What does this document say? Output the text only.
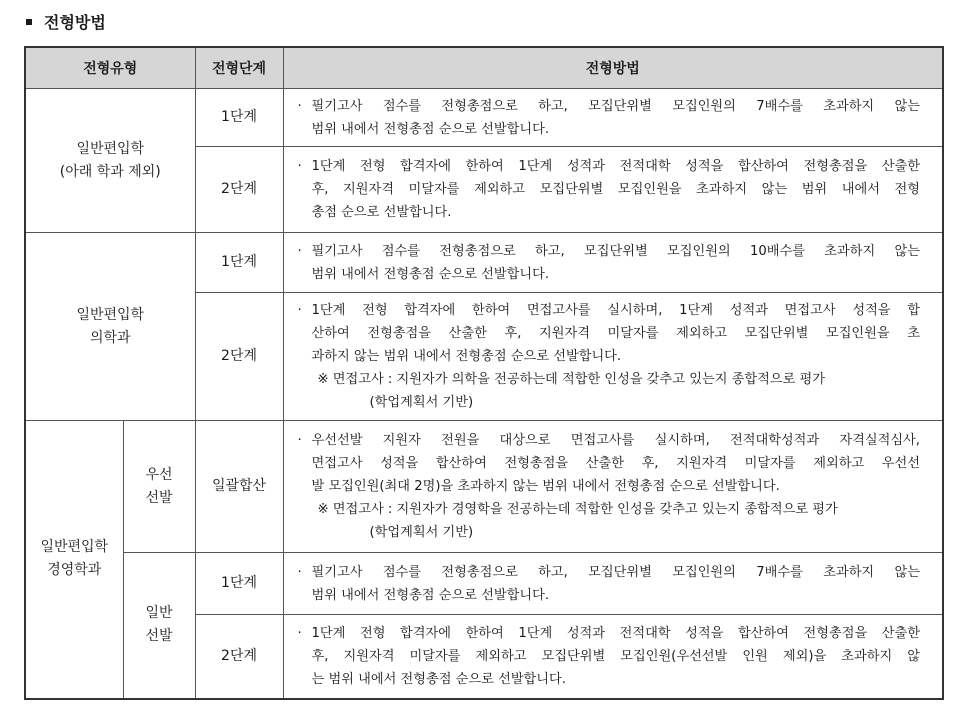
전형방법
전형유형		전형단계	전형방법

일반편입학
(아래 학과 제외)		1단계	· 필기고사 점수를 전형총점으로 하고, 모집단위별 모집인원의 7배수를 초과하지 않는
범위 내에서 전형총점 순으로 선발합니다.

		2단계	· 1단계 전형 합격자에 한하여 1단계 성적과 전적대학 성적을 합산하여 전형총점을 산출한
후, 지원자격 미달자를 제외하고 모집단위별 모집인원을 초과하지 않는 범위 내에서 전형
총점 순으로 선발합니다.

일반편입학
의학과		1단계	· 필기고사 점수를 전형총점으로 하고, 모집단위별 모집인원의 10배수를 초과하지 않는
범위 내에서 전형총점 순으로 선발합니다.

		2단계	· 1단계 전형 합격자에 한하여 면접고사를 실시하며, 1단계 성적과 면접고사 성적을 합
산하여 전형총점을 산출한 후, 지원자격 미달자를 제외하고 모집단위별 모집인원을 초
과하지 않는 범위 내에서 전형총점 순으로 선발합니다.
※ 면접고사 : 지원자가 의학을 전공하는데 적합한 인성을 갖추고 있는지 종합적으로 평가
(학업계획서 기반)

일반편입학
경영학과	우선
선발	일괄합산	· 우선선발 지원자 전원을 대상으로 면접고사를 실시하며, 전적대학성적과 자격실적심사,
면접고사 성적을 합산하여 전형총점을 산출한 후, 지원자격 미달자를 제외하고 우선선
발 모집인원(최대 2명)을 초과하지 않는 범위 내에서 전형총점 순으로 선발합니다.
※ 면접고사 : 지원자가 경영학을 전공하는데 적합한 인성을 갖추고 있는지 종합적으로 평가
(학업계획서 기반)

	일반
선발	1단계	· 필기고사 점수를 전형총점으로 하고, 모집단위별 모집인원의 7배수를 초과하지 않는
범위 내에서 전형총점 순으로 선발합니다.

		2단계	· 1단계 전형 합격자에 한하여 1단계 성적과 전적대학 성적을 합산하여 전형총점을 산출한
후, 지원자격 미달자를 제외하고 모집단위별 모집인원(우선선발 인원 제외)을 초과하지 않
는 범위 내에서 전형총점 순으로 선발합니다.
